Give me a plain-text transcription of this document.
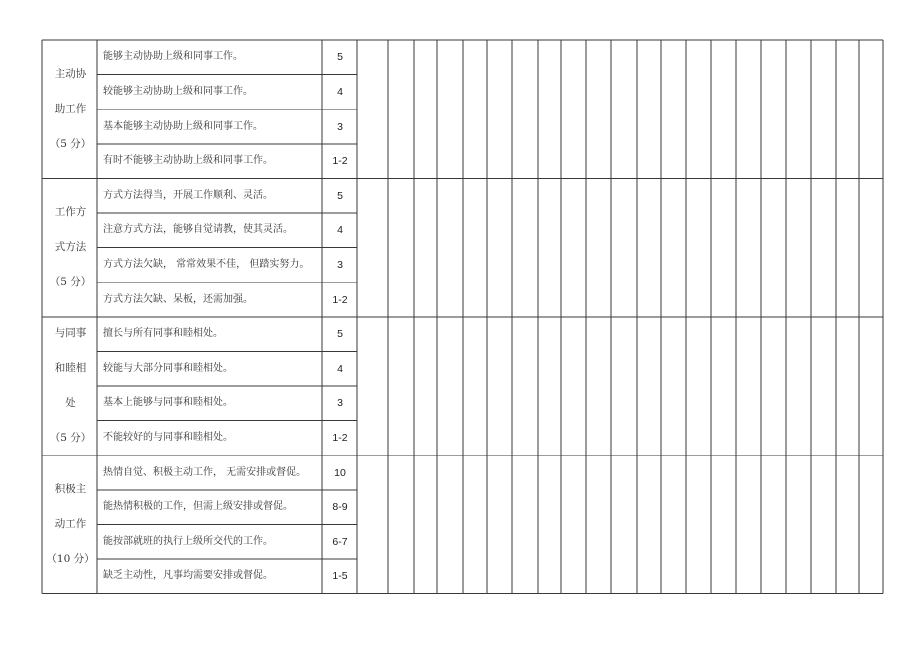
主动协
助工作
（5 分）
能够主动协助上级和同事工作。	5
较能够主动协助上级和同事工作。	4
基本能够主动协助上级和同事工作。	3
有时不能够主动协助上级和同事工作。	1-2
工作方
式方法
（5 分）
方式方法得当，开展工作顺利、灵活。	5
注意方式方法，能够自觉请教，使其灵活。	4
方式方法欠缺， 常常效果不佳， 但踏实努力。	3
方式方法欠缺、呆板，还需加强。	1-2
与同事
和睦相
处
（5 分）
擅长与所有同事和睦相处。	5
较能与大部分同事和睦相处。	4
基本上能够与同事和睦相处。	3
不能较好的与同事和睦相处。	1-2
积极主
动工作
（10 分）
热情自觉、积极主动工作， 无需安排或督促。	10
能热情积极的工作，但需上级安排或督促。	8-9
能按部就班的执行上级所交代的工作。	6-7
缺乏主动性，凡事均需要安排或督促。	1-5
